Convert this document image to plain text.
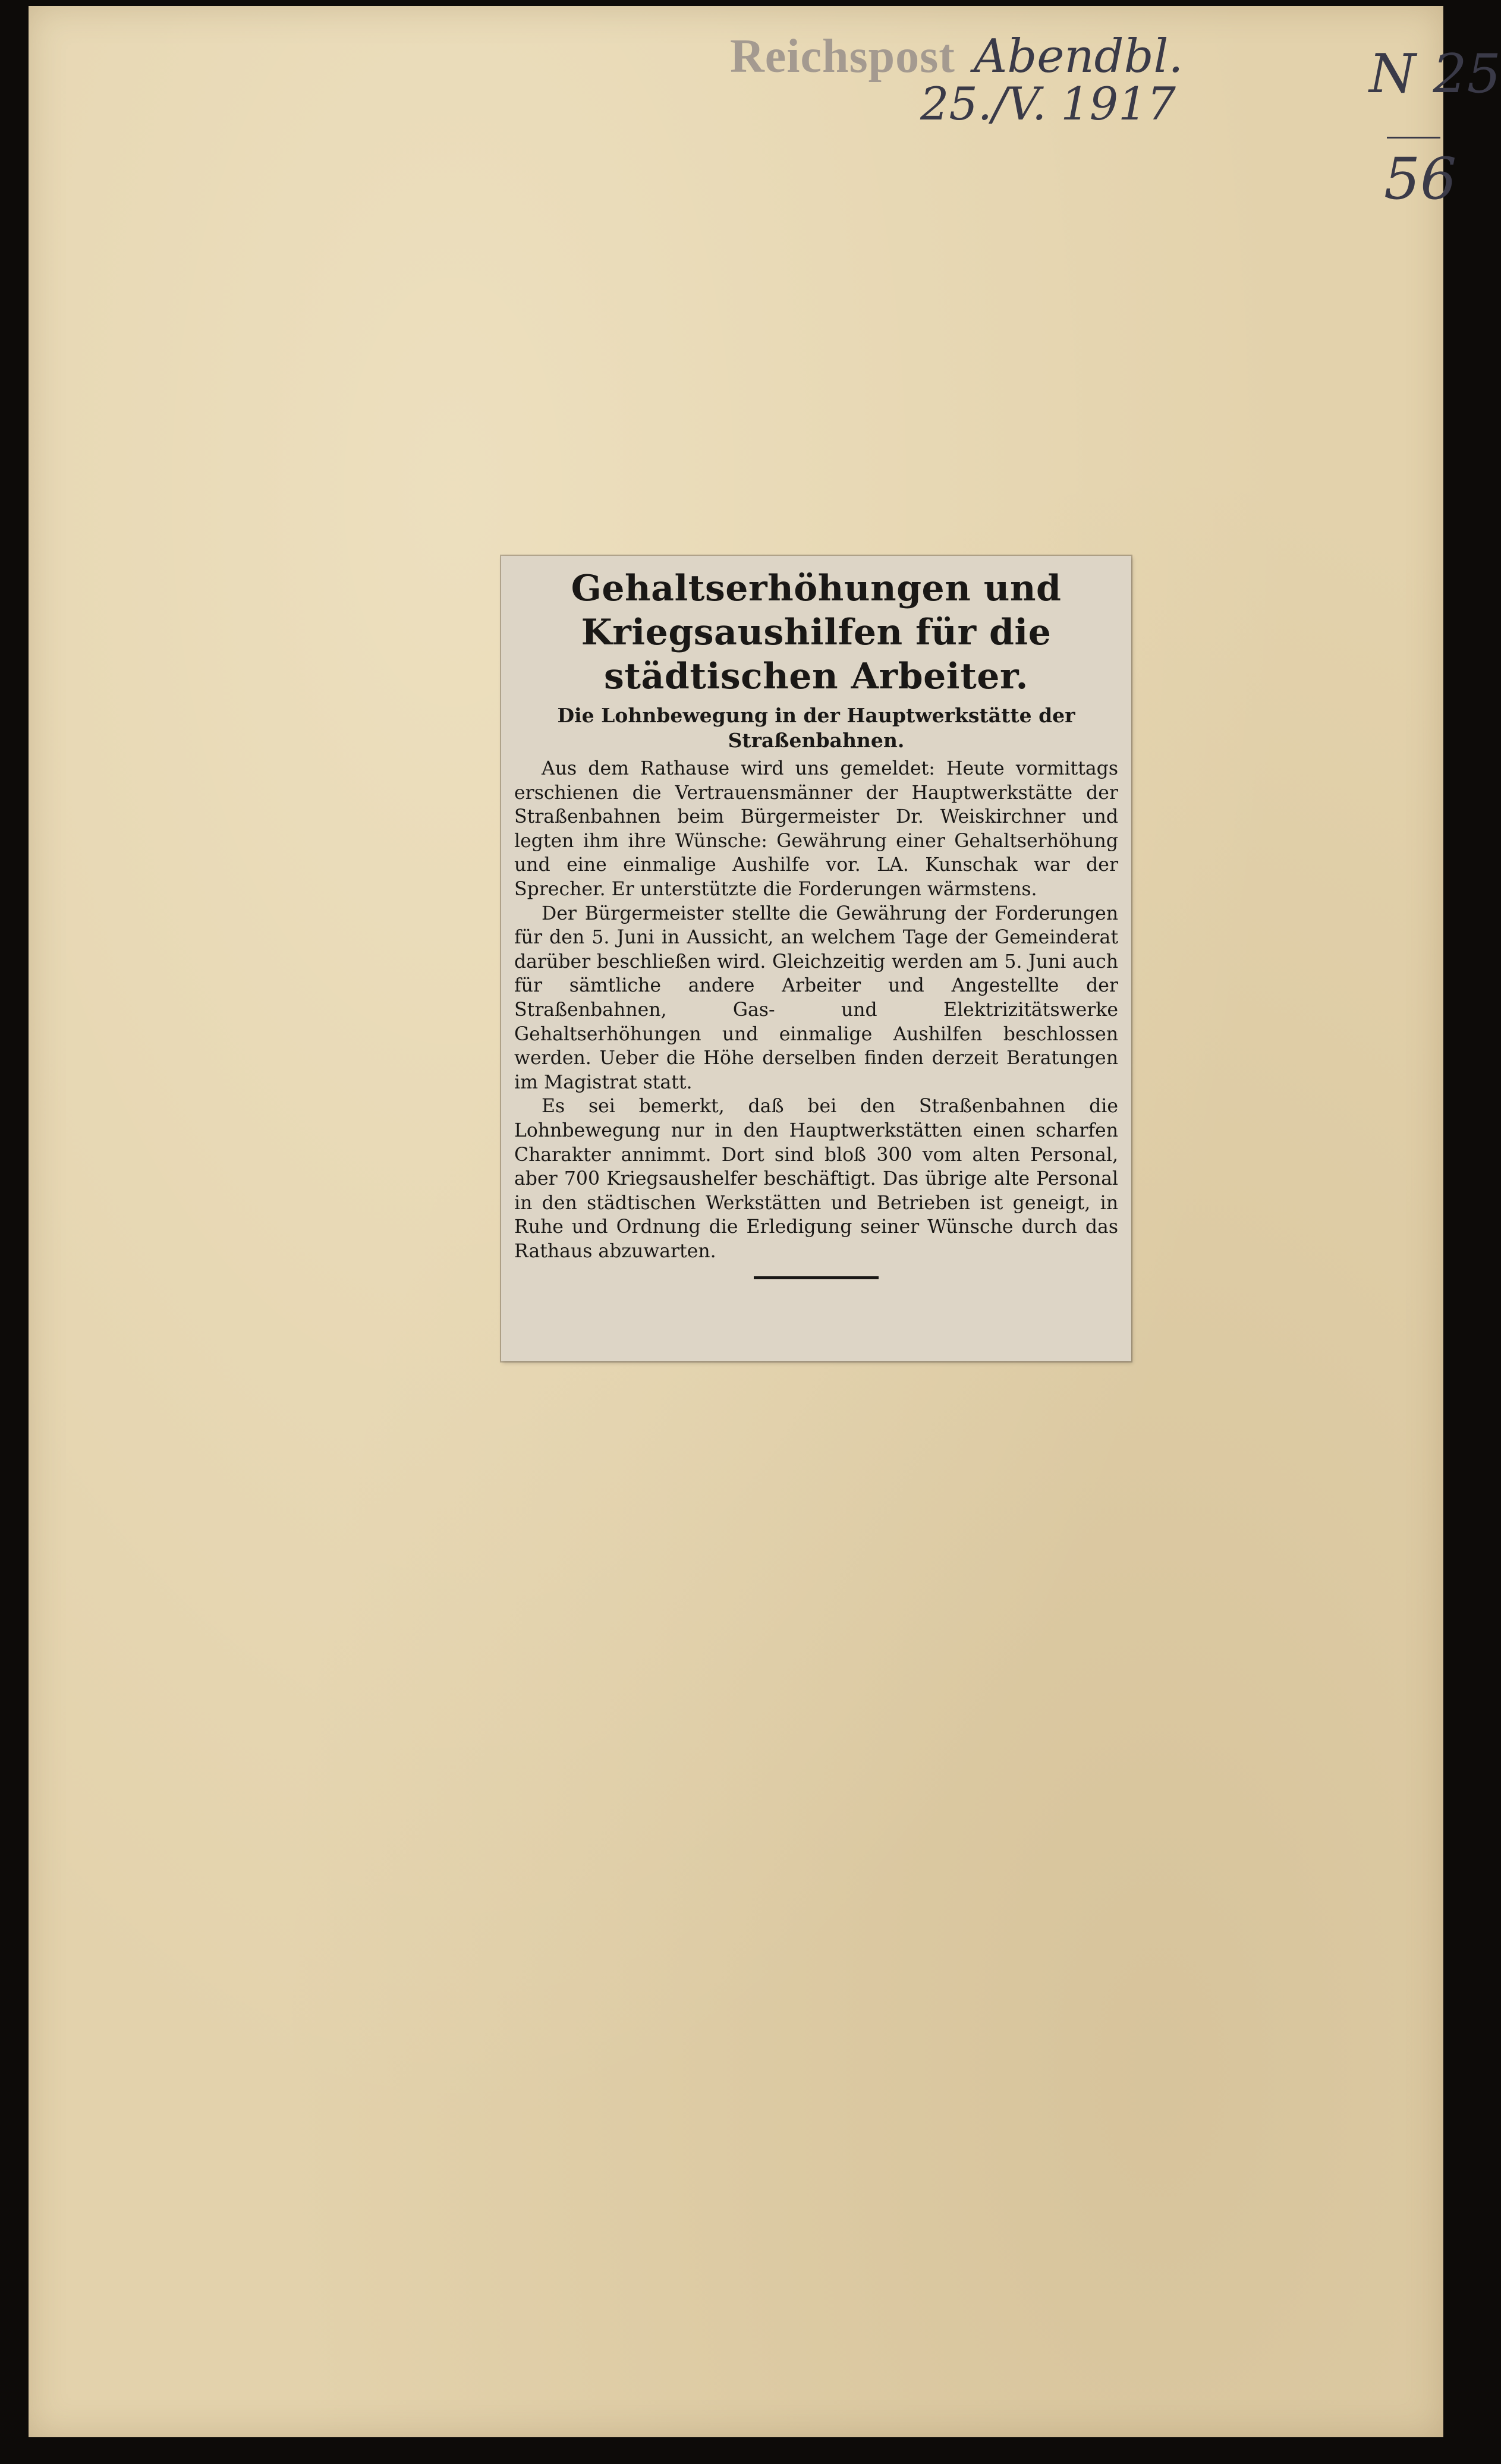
Reichspost Abendbl.
25./V. 1917	N 25
56
Gehaltserhöhungen und Kriegsaushilfen für die städtischen Arbeiter.
Die Lohnbewegung in der Hauptwerkstätte der Straßenbahnen.

Aus dem Rathause wird uns gemeldet: Heute vormittags erschienen die Vertrauensmänner der Hauptwerkstätte der Straßenbahnen beim Bürgermeister Dr. Weiskirchner und legten ihm ihre Wünsche: Gewährung einer Gehaltserhöhung und eine einmalige Aushilfe vor. LA. Kunschak war der Sprecher. Er unterstützte die Forderungen wärmstens.

Der Bürgermeister stellte die Gewährung der Forderungen für den 5. Juni in Aussicht, an welchem Tage der Gemeinderat darüber beschließen wird. Gleichzeitig werden am 5. Juni auch für sämtliche andere Arbeiter und Angestellte der Straßenbahnen, Gas- und Elektrizitätswerke Gehaltserhöhungen und einmalige Aushilfen beschlossen werden. Ueber die Höhe derselben finden derzeit Beratungen im Magistrat statt.

Es sei bemerkt, daß bei den Straßenbahnen die Lohnbewegung nur in den Hauptwerkstätten einen scharfen Charakter annimmt. Dort sind bloß 300 vom alten Personal, aber 700 Kriegsaushelfer beschäftigt. Das übrige alte Personal in den städtischen Werkstätten und Betrieben ist geneigt, in Ruhe und Ordnung die Erledigung seiner Wünsche durch das Rathaus abzuwarten.
